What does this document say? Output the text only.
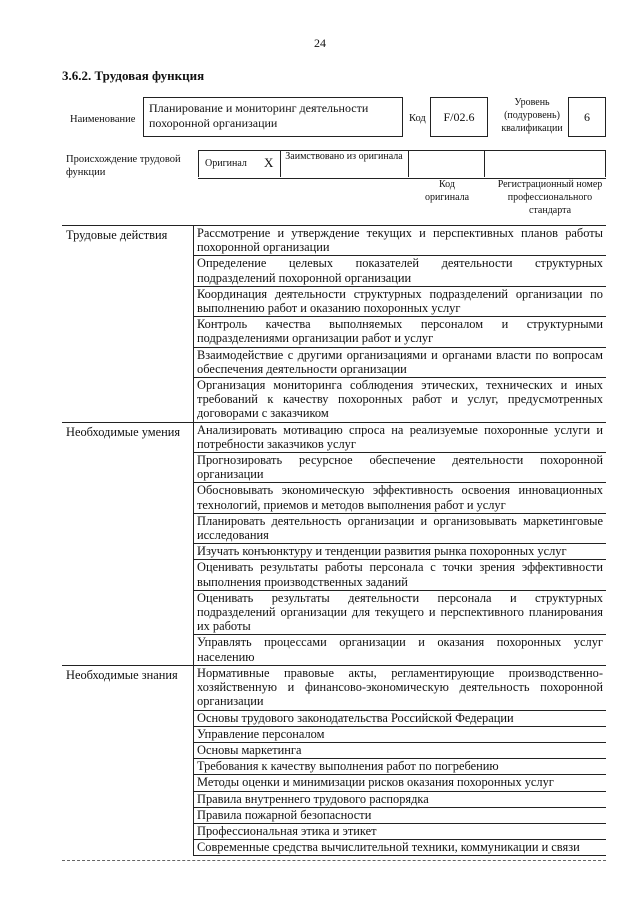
24
3.6.2. Трудовая функция
Наименование
Планирование и мониторинг деятельности похоронной организации	Код	F/02.6
Уровень (подуровень) квалификации
6
Происхождение трудовой функции
Оригинал X Заимствовано из оригинала
Код оригинала
Регистрационный номер профессионального стандарта
Трудовые действия	Рассмотрение и утверждение текущих и перспективных планов работы похоронной организации
	Определение целевых показателей деятельности структурных подразделений похоронной организации
	Координация деятельности структурных подразделений организации по выполнению работ и оказанию похоронных услуг
	Контроль качества выполняемых персоналом и структурными подразделениями организации работ и услуг
	Взаимодействие с другими организациями и органами власти по вопросам обеспечения деятельности организации
	Организация мониторинга соблюдения этических, технических и иных требований к качеству похоронных работ и услуг, предусмотренных договорами с заказчиком
Необходимые умения	Анализировать мотивацию спроса на реализуемые похоронные услуги и потребности заказчиков услуг
	Прогнозировать ресурсное обеспечение деятельности похоронной организации
	Обосновывать экономическую эффективность освоения инновационных технологий, приемов и методов выполнения работ и услуг
	Планировать деятельность организации и организовывать маркетинговые исследования
	Изучать конъюнктуру и тенденции развития рынка похоронных услуг
	Оценивать результаты работы персонала с точки зрения эффективности выполнения производственных заданий
	Оценивать результаты деятельности персонала и структурных подразделений организации для текущего и перспективного планирования их работы
	Управлять процессами организации и оказания похоронных услуг населению
Необходимые знания	Нормативные правовые акты, регламентирующие производственно-хозяйственную и финансово-экономическую деятельность похоронной организации
	Основы трудового законодательства Российской Федерации
	Управление персоналом
	Основы маркетинга
	Требования к качеству выполнения работ по погребению
	Методы оценки и минимизации рисков оказания похоронных услуг
	Правила внутреннего трудового распорядка
	Правила пожарной безопасности
	Профессиональная этика и этикет
	Современные средства вычислительной техники, коммуникации и связи
